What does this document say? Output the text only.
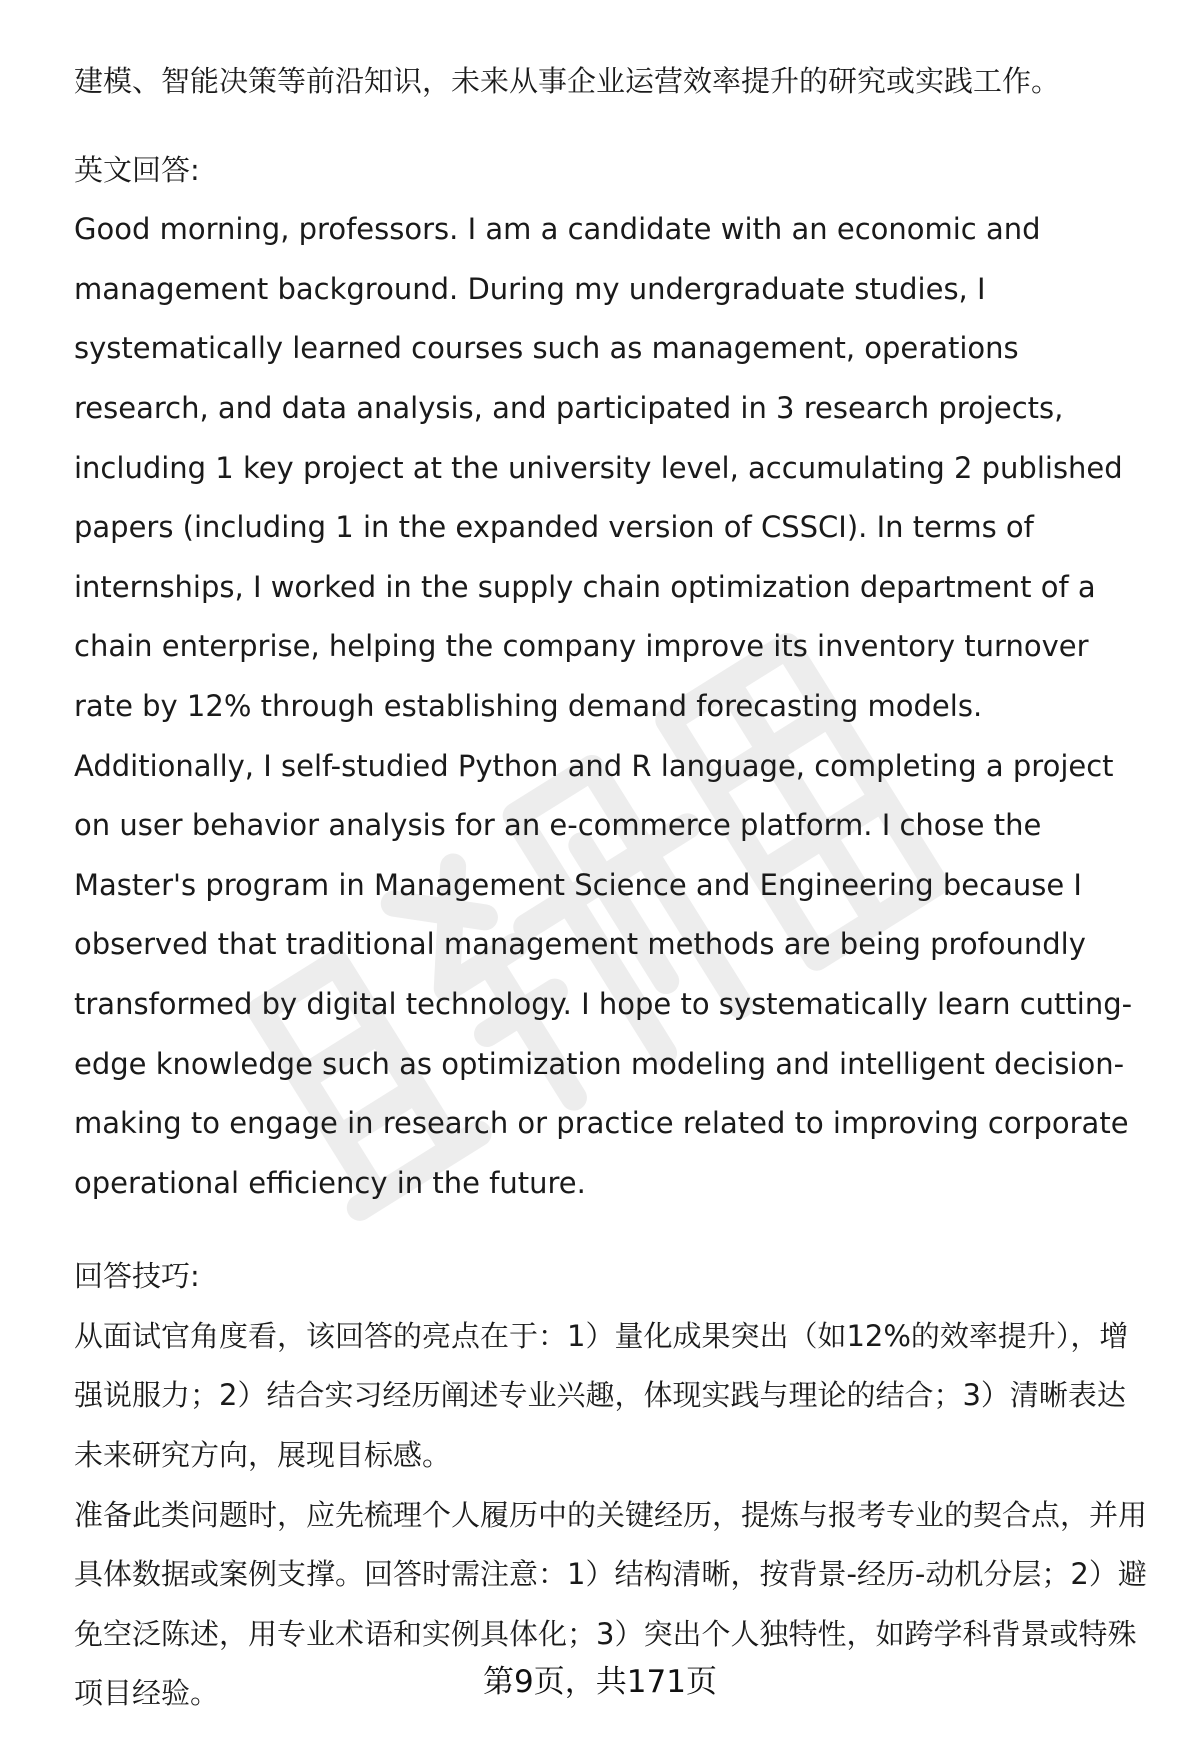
建模、智能决策等前沿知识，未来从事企业运营效率提升的研究或实践工作。

英文回答:

Good morning, professors. I am a candidate with an economic and management background. During my undergraduate studies, I systematically learned courses such as management, operations research, and data analysis, and participated in 3 research projects, including 1 key project at the university level, accumulating 2 published papers (including 1 in the expanded version of CSSCI). In terms of internships, I worked in the supply chain optimization department of a chain enterprise, helping the company improve its inventory turnover rate by 12% through establishing demand forecasting models. Additionally, I self-studied Python and R language, completing a project on user behavior analysis for an e-commerce platform. I chose the Master's program in Management Science and Engineering because I observed that traditional management methods are being profoundly transformed by digital technology. I hope to systematically learn cutting-edge knowledge such as optimization modeling and intelligent decision-making to engage in research or practice related to improving corporate operational efficiency in the future.

回答技巧:

从面试官角度看，该回答的亮点在于：1）量化成果突出（如12%的效率提升），增强说服力；2）结合实习经历阐述专业兴趣，体现实践与理论的结合；3）清晰表达未来研究方向，展现目标感。

准备此类问题时，应先梳理个人履历中的关键经历，提炼与报考专业的契合点，并用具体数据或案例支撑。回答时需注意：1）结构清晰，按背景-经历-动机分层；2）避免空泛陈述，用专业术语和实例具体化；3）突出个人独特性，如跨学科背景或特殊项目经验。	第9页，共171页
